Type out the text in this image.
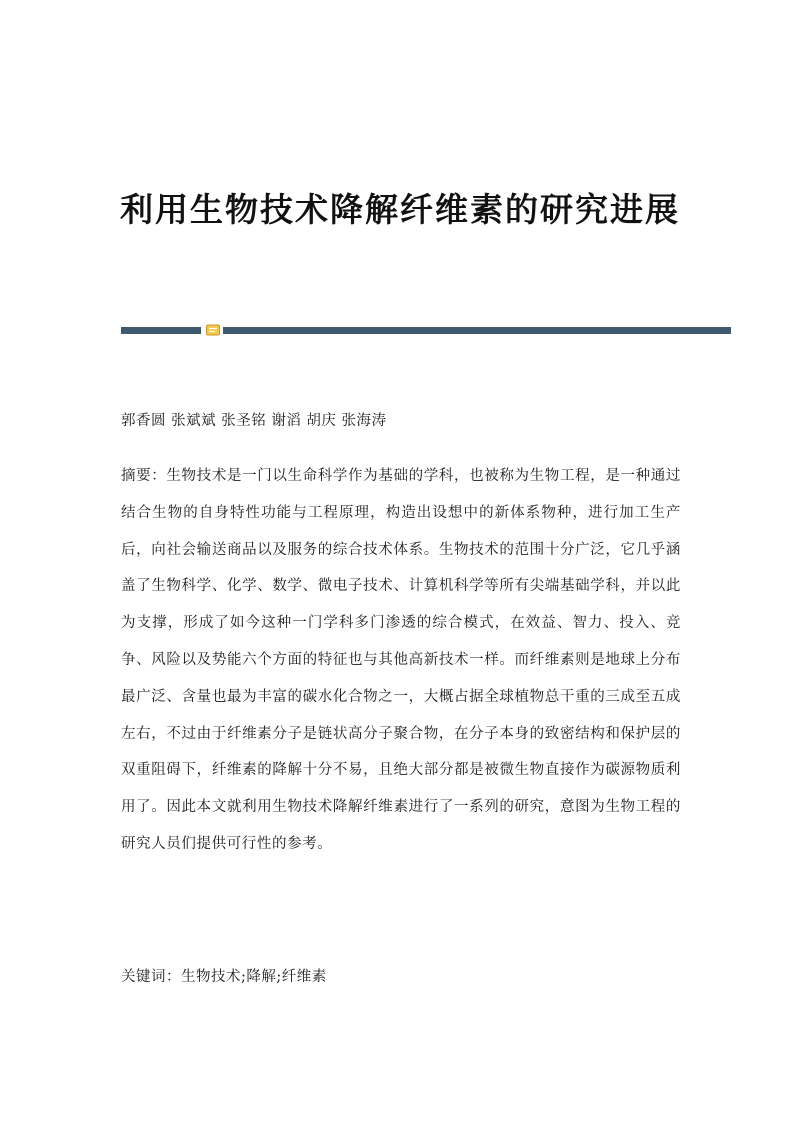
利用生物技术降解纤维素的研究进展

郭香圆 张斌斌 张圣铭 谢滔 胡庆 张海涛

摘要：生物技术是一门以生命科学作为基础的学科，也被称为生物工程，是一种通过结合生物的自身特性功能与工程原理，构造出设想中的新体系物种，进行加工生产后，向社会输送商品以及服务的综合技术体系。生物技术的范围十分广泛，它几乎涵盖了生物科学、化学、数学、微电子技术、计算机科学等所有尖端基础学科，并以此为支撑，形成了如今这种一门学科多门渗透的综合模式，在效益、智力、投入、竞争、风险以及势能六个方面的特征也与其他高新技术一样。而纤维素则是地球上分布最广泛、含量也最为丰富的碳水化合物之一，大概占据全球植物总干重的三成至五成左右，不过由于纤维素分子是链状高分子聚合物，在分子本身的致密结构和保护层的双重阻碍下，纤维素的降解十分不易，且绝大部分都是被微生物直接作为碳源物质利用了。因此本文就利用生物技术降解纤维素进行了一系列的研究，意图为生物工程的研究人员们提供可行性的参考。

关键词：生物技术;降解;纤维素
